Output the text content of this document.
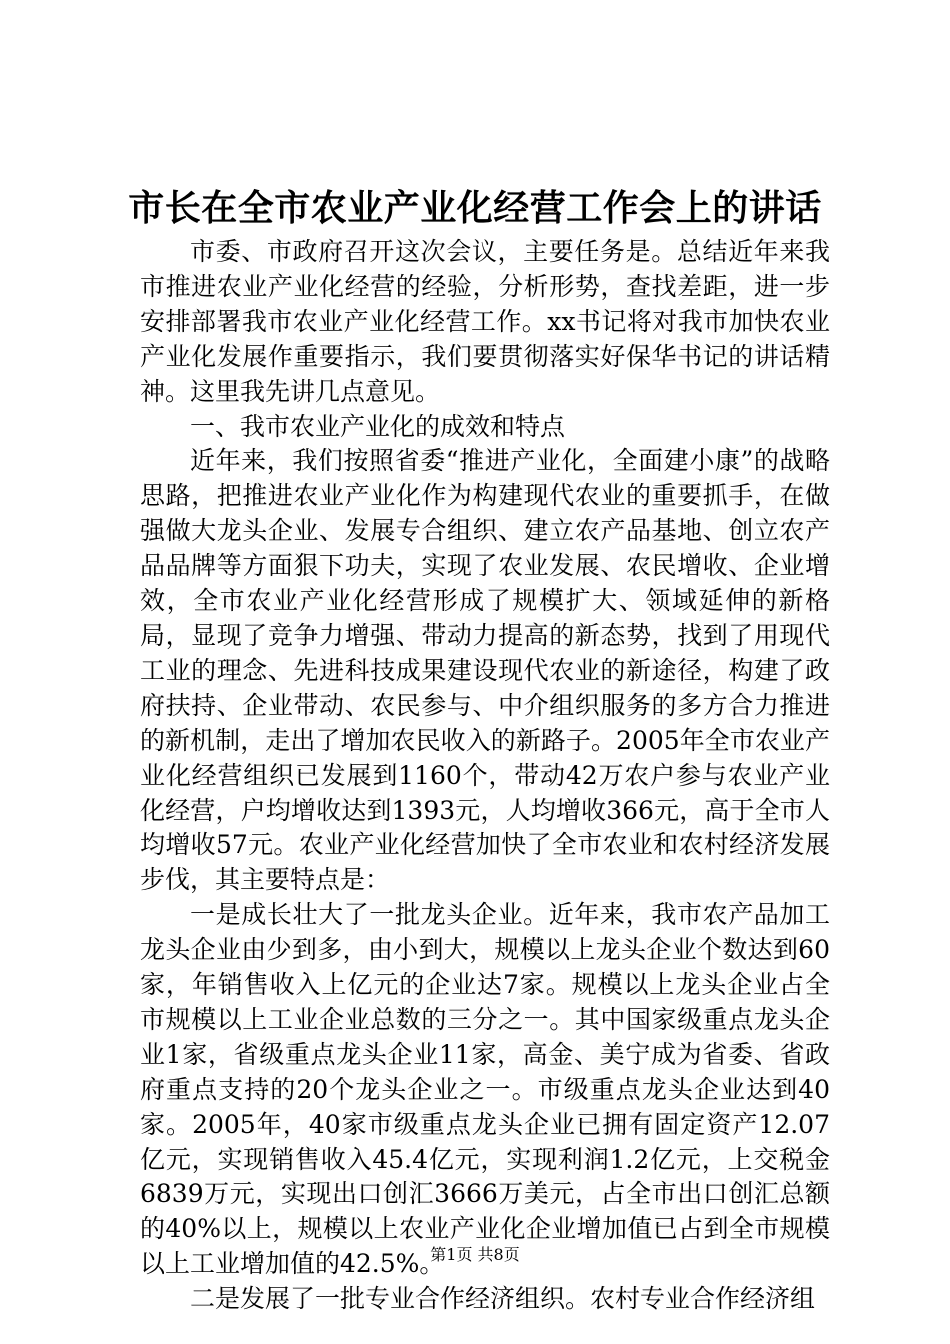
市长在全市农业产业化经营工作会上的讲话

市委、市政府召开这次会议，主要任务是。总结近年来我市推进农业产业化经营的经验，分析形势，查找差距，进一步安排部署我市农业产业化经营工作。xx书记将对我市加快农业产业化发展作重要指示，我们要贯彻落实好保华书记的讲话精神。这里我先讲几点意见。

一、我市农业产业化的成效和特点

近年来，我们按照省委“推进产业化，全面建小康”的战略思路，把推进农业产业化作为构建现代农业的重要抓手，在做强做大龙头企业、发展专合组织、建立农产品基地、创立农产品品牌等方面狠下功夫，实现了农业发展、农民增收、企业增效，全市农业产业化经营形成了规模扩大、领域延伸的新格局，显现了竞争力增强、带动力提高的新态势，找到了用现代工业的理念、先进科技成果建设现代农业的新途径，构建了政府扶持、企业带动、农民参与、中介组织服务的多方合力推进的新机制，走出了增加农民收入的新路子。2005年全市农业产业化经营组织已发展到1160个，带动42万农户参与农业产业化经营，户均增收达到1393元，人均增收366元，高于全市人均增收57元。农业产业化经营加快了全市农业和农村经济发展步伐，其主要特点是：

一是成长壮大了一批龙头企业。近年来，我市农产品加工龙头企业由少到多，由小到大，规模以上龙头企业个数达到60家，年销售收入上亿元的企业达7家。规模以上龙头企业占全市规模以上工业企业总数的三分之一。其中国家级重点龙头企业1家，省级重点龙头企业11家，高金、美宁成为省委、省政府重点支持的20个龙头企业之一。市级重点龙头企业达到40家。2005年，40家市级重点龙头企业已拥有固定资产12.07亿元，实现销售收入45.4亿元，实现利润1.2亿元，上交税金6839万元，实现出口创汇3666万美元，占全市出口创汇总额的40%以上，规模以上农业产业化企业增加值已占到全市规模以上工业增加值的42.5%。

二是发展了一批专业合作经济组织。农村专业合作经济组

第1页 共8页
